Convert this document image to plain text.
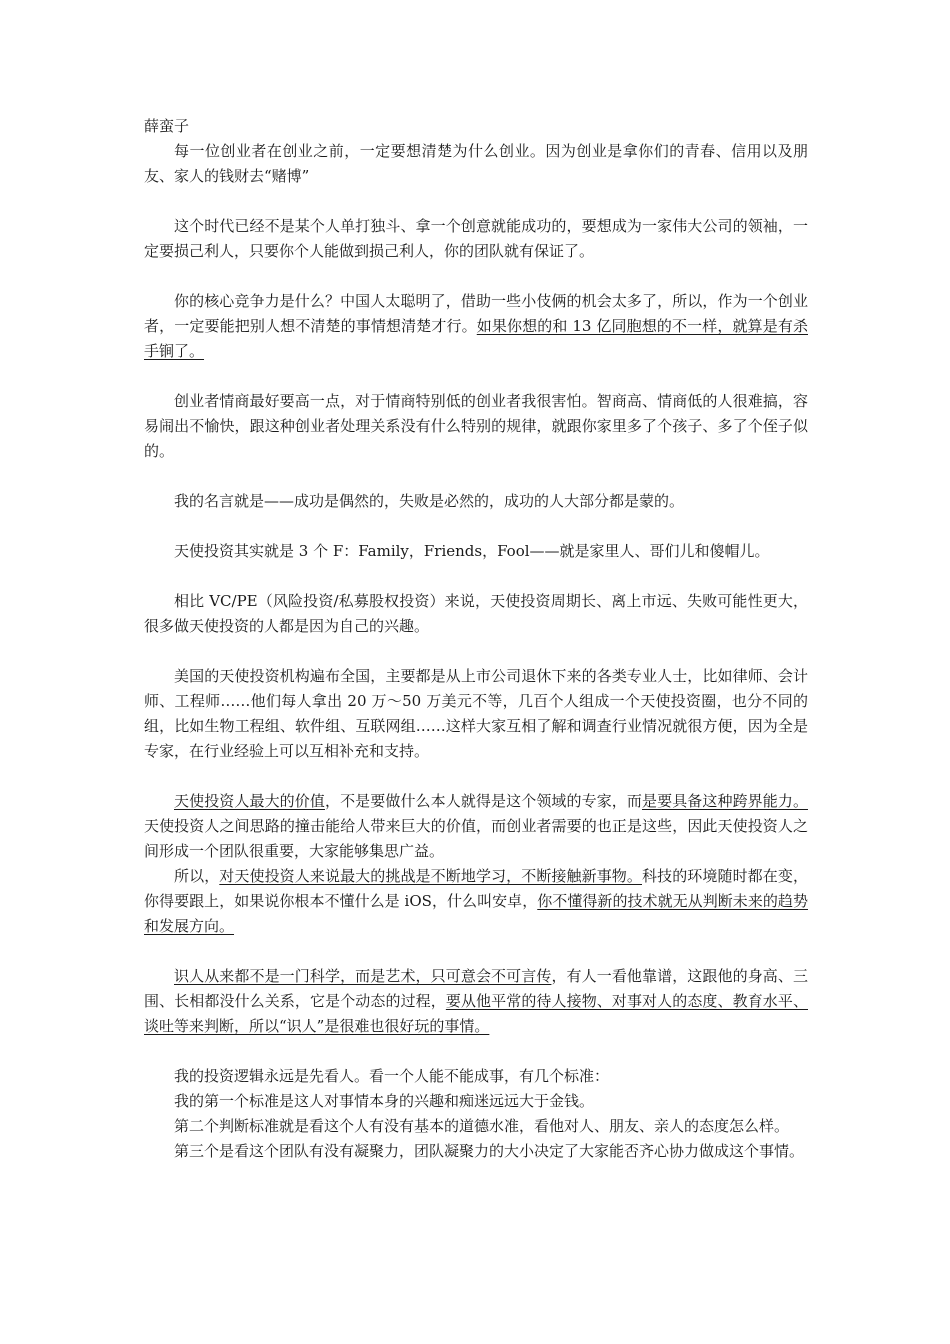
薛蛮子

每一位创业者在创业之前，一定要想清楚为什么创业。因为创业是拿你们的青春、信用以及朋友、家人的钱财去“赌博”

这个时代已经不是某个人单打独斗、拿一个创意就能成功的，要想成为一家伟大公司的领袖，一定要损己利人，只要你个人能做到损己利人，你的团队就有保证了。

你的核心竞争力是什么？中国人太聪明了，借助一些小伎俩的机会太多了，所以，作为一个创业者，一定要能把别人想不清楚的事情想清楚才行。如果你想的和 13 亿同胞想的不一样，就算是有杀手锏了。

创业者情商最好要高一点，对于情商特别低的创业者我很害怕。智商高、情商低的人很难搞，容易闹出不愉快，跟这种创业者处理关系没有什么特别的规律，就跟你家里多了个孩子、多了个侄子似的。

我的名言就是——成功是偶然的，失败是必然的，成功的人大部分都是蒙的。

天使投资其实就是 3 个 F：Family，Friends，Fool——就是家里人、哥们儿和傻帽儿。

相比 VC/PE（风险投资/私募股权投资）来说，天使投资周期长、离上市远、失败可能性更大，很多做天使投资的人都是因为自己的兴趣。

美国的天使投资机构遍布全国，主要都是从上市公司退休下来的各类专业人士，比如律师、会计师、工程师……他们每人拿出 20 万～50 万美元不等，几百个人组成一个天使投资圈，也分不同的组，比如生物工程组、软件组、互联网组……这样大家互相了解和调查行业情况就很方便，因为全是专家，在行业经验上可以互相补充和支持。

天使投资人最大的价值，不是要做什么本人就得是这个领域的专家，而是要具备这种跨界能力。天使投资人之间思路的撞击能给人带来巨大的价值，而创业者需要的也正是这些，因此天使投资人之间形成一个团队很重要，大家能够集思广益。

所以，对天使投资人来说最大的挑战是不断地学习，不断接触新事物。科技的环境随时都在变，你得要跟上，如果说你根本不懂什么是 iOS，什么叫安卓，你不懂得新的技术就无从判断未来的趋势和发展方向。

识人从来都不是一门科学，而是艺术，只可意会不可言传，有人一看他靠谱，这跟他的身高、三围、长相都没什么关系，它是个动态的过程，要从他平常的待人接物、对事对人的态度、教育水平、谈吐等来判断，所以“识人”是很难也很好玩的事情。

我的投资逻辑永远是先看人。看一个人能不能成事，有几个标准：

我的第一个标准是这人对事情本身的兴趣和痴迷远远大于金钱。

第二个判断标准就是看这个人有没有基本的道德水准，看他对人、朋友、亲人的态度怎么样。

第三个是看这个团队有没有凝聚力，团队凝聚力的大小决定了大家能否齐心协力做成这个事情。
